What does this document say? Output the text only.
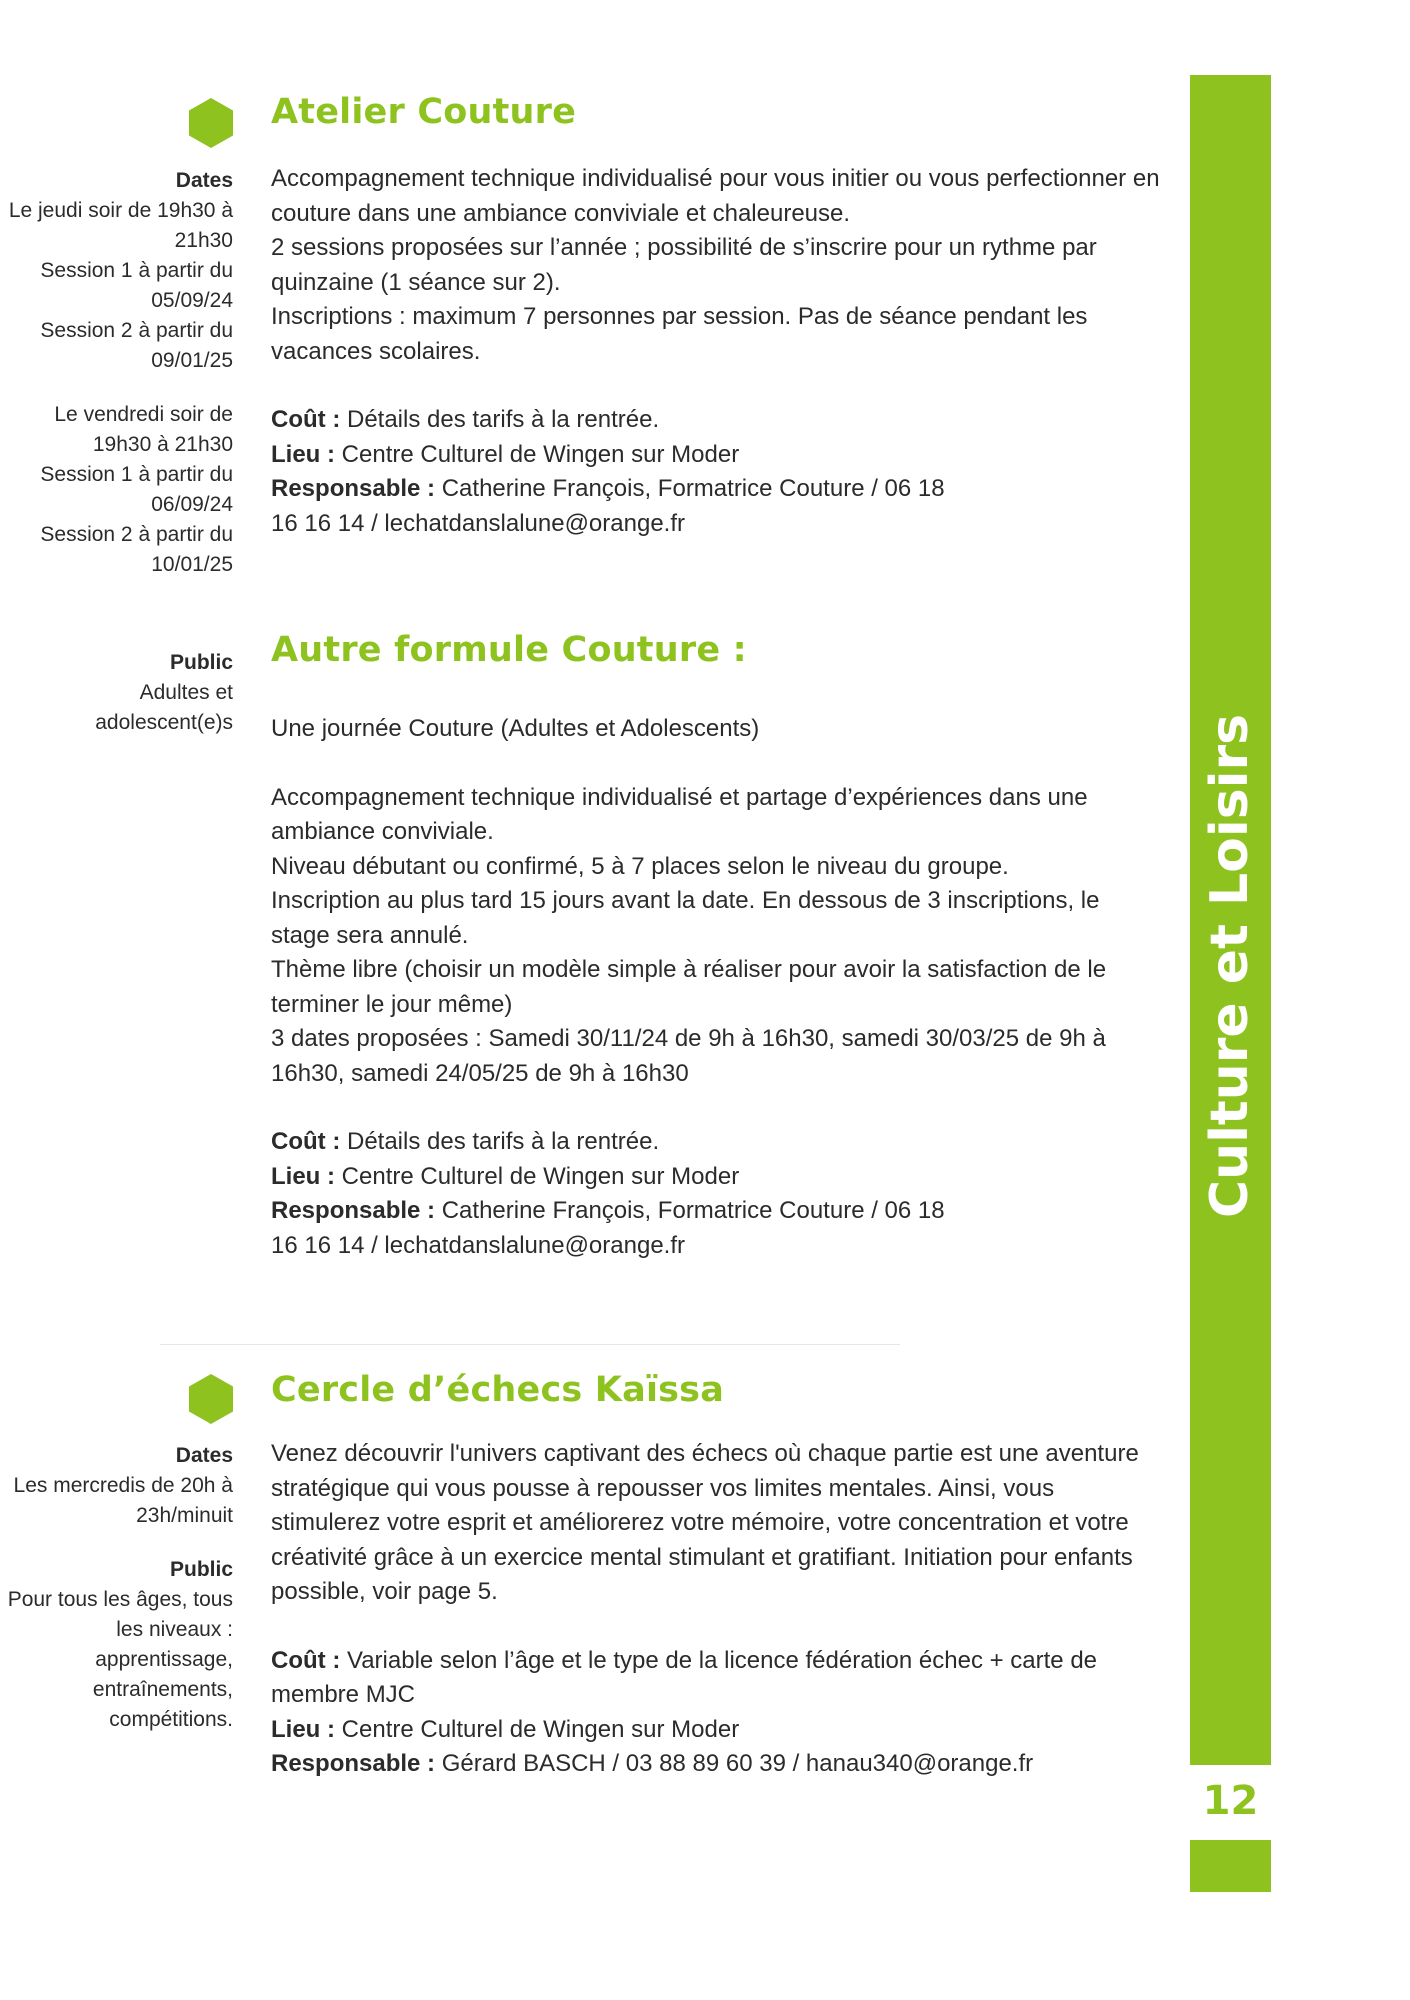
Culture et Loisirs
12
Atelier Couture

Dates

Le jeudi soir de 19h30 à

21h30

Session 1 à partir du

05/09/24

Session 2 à partir du

09/01/25

Le vendredi soir de

19h30 à 21h30

Session 1 à partir du

06/09/24

Session 2 à partir du

10/01/25

Accompagnement technique individualisé pour vous initier ou vous perfectionner en couture dans une ambiance conviviale et chaleureuse.

2 sessions proposées sur l’année ; possibilité de s’inscrire pour un rythme par quinzaine (1 séance sur 2).

Inscriptions : maximum 7 personnes par session. Pas de séance pendant les vacances scolaires.

Coût : Détails des tarifs à la rentrée.

Lieu : Centre Culturel de Wingen sur Moder

Responsable : Catherine François, Formatrice Couture / 06 18 16 16 14 / lechatdanslalune@orange.fr

Autre formule Couture :

Public

Adultes et

adolescent(e)s Une journée Couture (Adultes et Adolescents)

Accompagnement technique individualisé et partage d’expériences dans une ambiance conviviale.

Niveau débutant ou confirmé, 5 à 7 places selon le niveau du groupe.

Inscription au plus tard 15 jours avant la date. En dessous de 3 inscriptions, le stage sera annulé.

Thème libre (choisir un modèle simple à réaliser pour avoir la satisfaction de le terminer le jour même)

3 dates proposées : Samedi 30/11/24 de 9h à 16h30, samedi 30/03/25 de 9h à 16h30, samedi 24/05/25 de 9h à 16h30

Coût : Détails des tarifs à la rentrée.

Lieu : Centre Culturel de Wingen sur Moder

Responsable : Catherine François, Formatrice Couture / 06 18 16 16 14 / lechatdanslalune@orange.fr

Cercle d’échecs Kaïssa

Dates

Les mercredis de 20h à

23h/minuit

Public

Pour tous les âges, tous

les niveaux :

apprentissage,

entraînements,

compétitions.

Venez découvrir l'univers captivant des échecs où chaque partie est une aventure stratégique qui vous pousse à repousser vos limites mentales. Ainsi, vous stimulerez votre esprit et améliorerez votre mémoire, votre concentration et votre créativité grâce à un exercice mental stimulant et gratifiant. Initiation pour enfants possible, voir page 5.

Coût : Variable selon l’âge et le type de la licence fédération échec + carte de membre MJC

Lieu : Centre Culturel de Wingen sur Moder

Responsable : Gérard BASCH / 03 88 89 60 39 / hanau340@orange.fr
